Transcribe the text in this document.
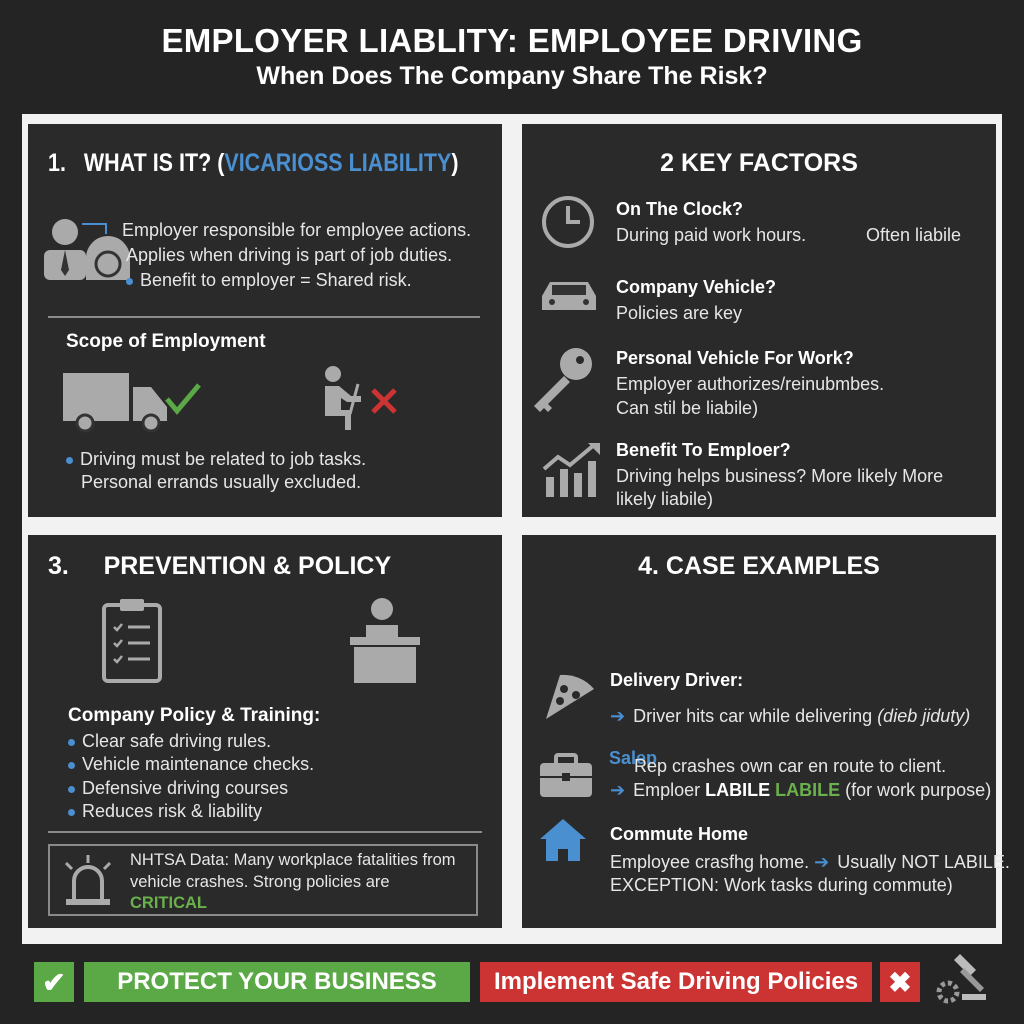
EMPLOYER LIABLITY: EMPLOYEE DRIVING
When Does The Company Share The Risk?
1.   WHAT IS IT? (VICARIOSS LIABILITY)
Employer responsible for employee actions.
Applies when driving is part of job duties.
Benefit to employer = Shared risk.
Scope of Employment
Driving must be related to job tasks.
Personal errands usually excluded.
2 KEY FACTORS
On The Clock?
During paid work hours.	Often liabile
Company Vehicle?
Policies are key
Personal Vehicle For Work?
Employer authorizes/reinubmbes.
Can stil be liabile)
Benefit To Emploer?
Driving helps business? More likely More
likely liabile)
3.     PREVENTION & POLICY
Company Policy & Training:
Clear safe driving rules.
Vehicle maintenance checks.
Defensive driving courses
Reduces risk & liability
NHTSA Data: Many workplace fatalities from
vehicle crashes. Strong policies are
CRITICAL
4. CASE EXAMPLES
Delivery Driver:
➔ Driver hits car while delivering (dieb jiduty)
Salep
Rep crashes own car en route to client.
➔ Emploer LABILE LABILE (for work purpose)
Commute Home
Employee crasfhg home. ➔ Usually NOT LABILE.
EXCEPTION: Work tasks during commute)
✔	PROTECT YOUR BUSINESS	Implement Safe Driving Policies	✖
